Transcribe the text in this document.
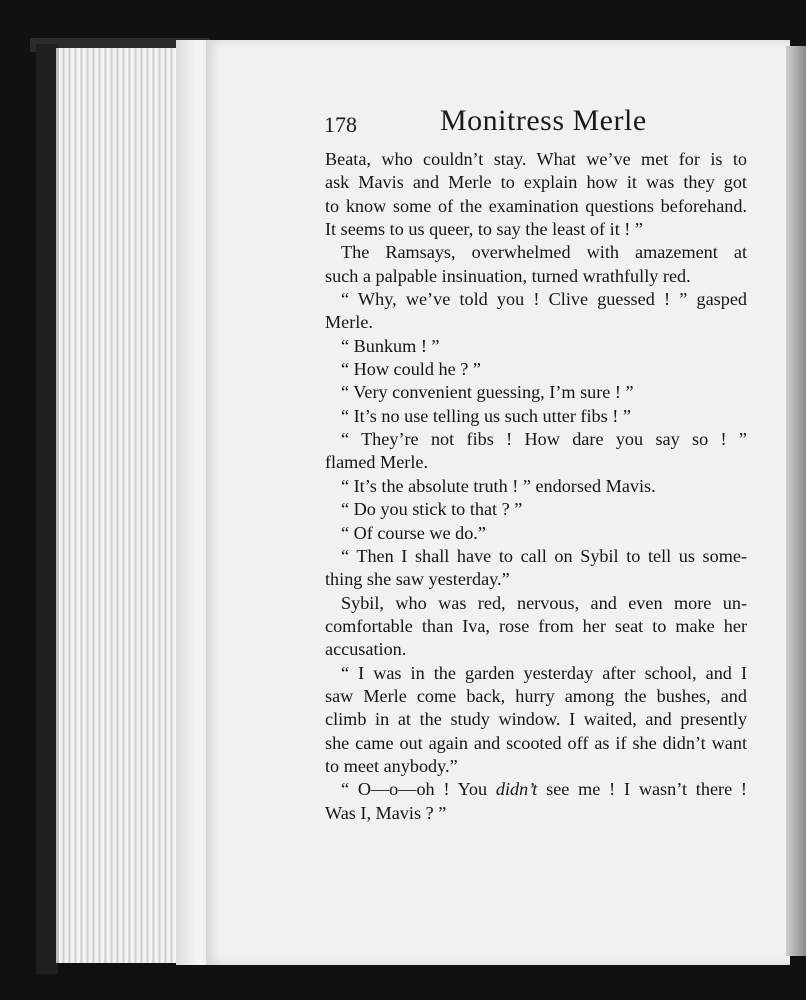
178	Monitress Merle
Beata, who couldn’t stay. What we’ve met for is to
ask Mavis and Merle to explain how it was they got
to know some of the examination questions beforehand.
It seems to us queer, to say the least of it ! ”
The Ramsays, overwhelmed with amazement at
such a palpable insinuation, turned wrathfully red.
“ Why, we’ve told you ! Clive guessed ! ” gasped
Merle.
“ Bunkum ! ”
“ How could he ? ”
“ Very convenient guessing, I’m sure ! ”
“ It’s no use telling us such utter fibs ! ”
“ They’re not fibs ! How dare you say so ! ”
flamed Merle.
“ It’s the absolute truth ! ” endorsed Mavis.
“ Do you stick to that ? ”
“ Of course we do.”
“ Then I shall have to call on Sybil to tell us some-
thing she saw yesterday.”
Sybil, who was red, nervous, and even more un-
comfortable than Iva, rose from her seat to make her
accusation.
“ I was in the garden yesterday after school, and I
saw Merle come back, hurry among the bushes, and
climb in at the study window. I waited, and presently
she came out again and scooted off as if she didn’t want
to meet anybody.”
“ O—o—oh ! You didn’t see me ! I wasn’t there !
Was I, Mavis ? ”
